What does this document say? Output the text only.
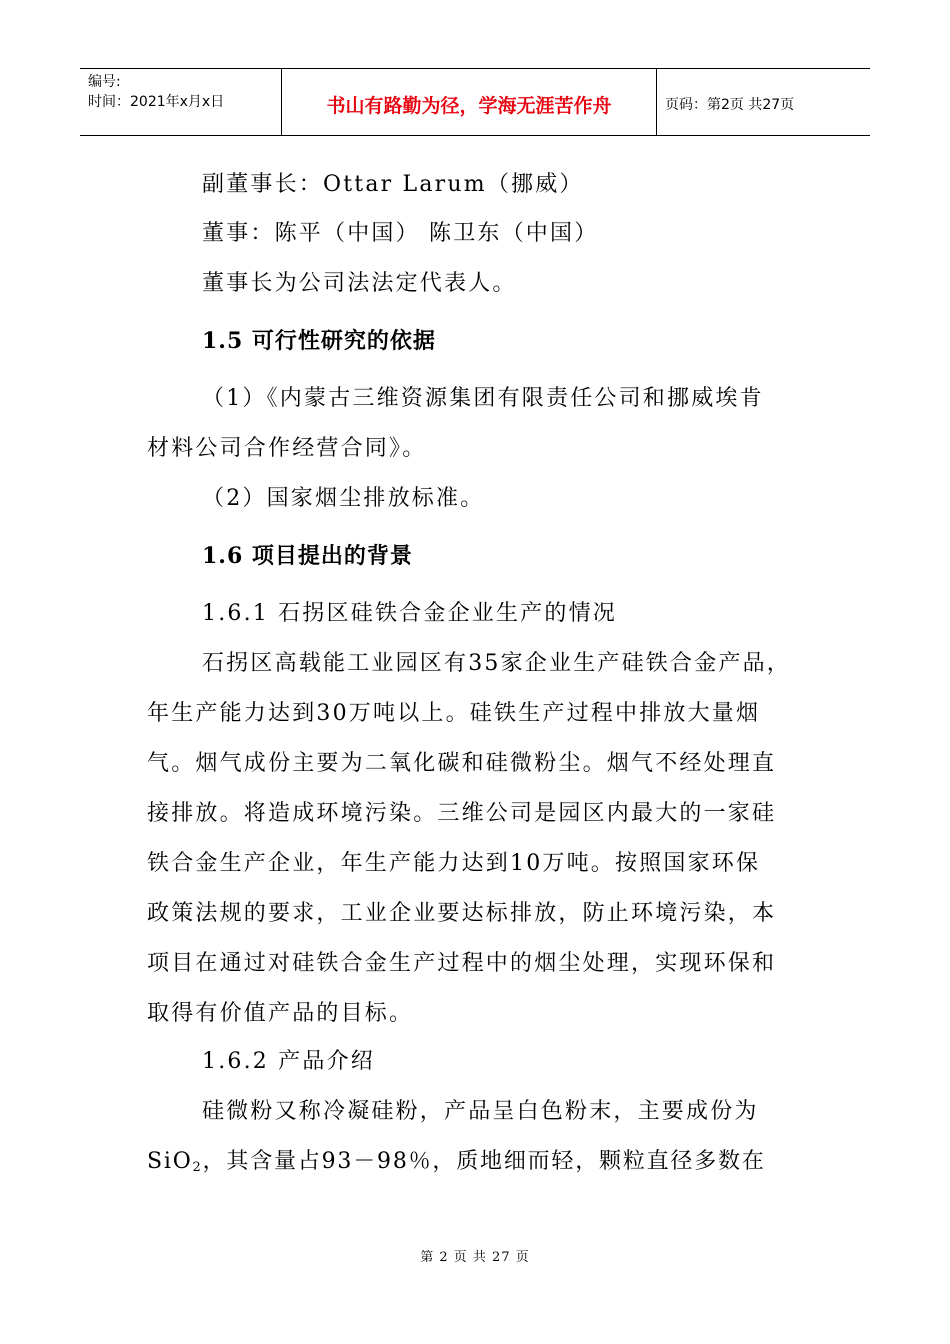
编号:
时间：2021年x月x日	书山有路勤为径，学海无涯苦作舟	页码：第2页 共27页
副董事长：Ottar Larum（挪威）
董事：陈平（中国） 陈卫东（中国）
董事长为公司法法定代表人。
1.5 可行性研究的依据
（1）《内蒙古三维资源集团有限责任公司和挪威埃肯
材料公司合作经营合同》。
（2）国家烟尘排放标准。
1.6 项目提出的背景
1.6.1 石拐区硅铁合金企业生产的情况
石拐区高载能工业园区有35家企业生产硅铁合金产品，
年生产能力达到30万吨以上。硅铁生产过程中排放大量烟
气。烟气成份主要为二氧化碳和硅微粉尘。烟气不经处理直
接排放。将造成环境污染。三维公司是园区内最大的一家硅
铁合金生产企业，年生产能力达到10万吨。按照国家环保
政策法规的要求，工业企业要达标排放，防止环境污染，本
项目在通过对硅铁合金生产过程中的烟尘处理，实现环保和
取得有价值产品的目标。
1.6.2 产品介绍
硅微粉又称冷凝硅粉，产品呈白色粉末，主要成份为
SiO$_2$，其含量占93－98％，质地细而轻，颗粒直径多数在
第 2 页 共 27 页
